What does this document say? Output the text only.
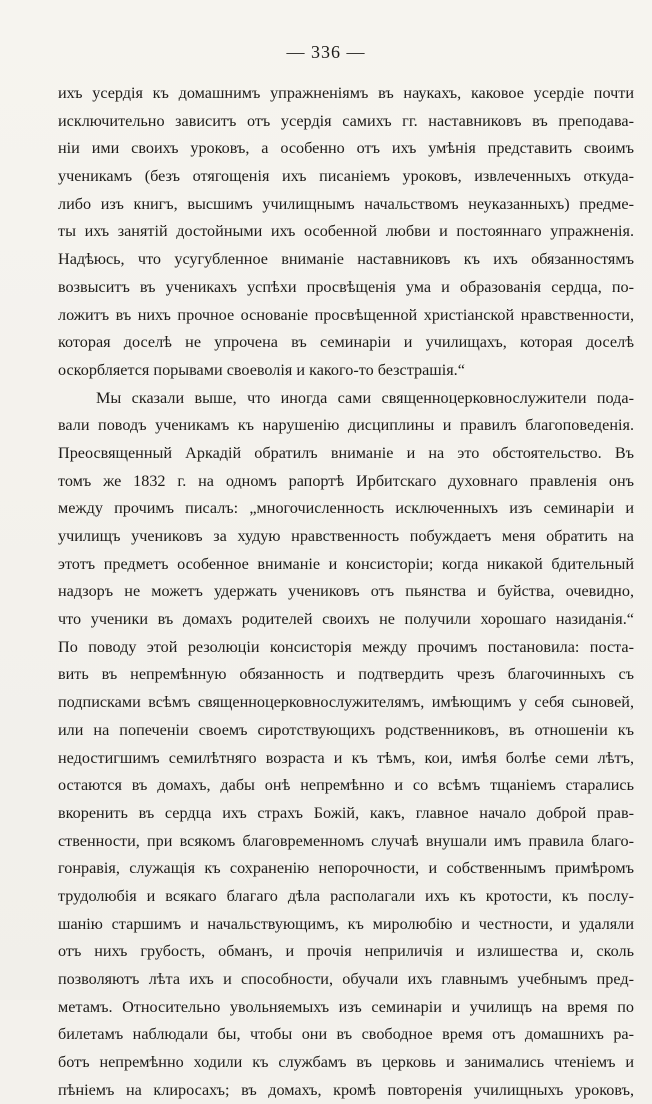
— 336 —
ихъ усердія къ домашнимъ упражненіямъ въ наукахъ, каковое усердіе почти
исключительно зависитъ отъ усердія самихъ гг. наставниковъ въ преподава-
ніи ими своихъ уроковъ, а особенно отъ ихъ умѣнія представить своимъ
ученикамъ (безъ отягощенія ихъ писаніемъ уроковъ, извлеченныхъ откуда-
либо изъ книгъ, высшимъ училищнымъ начальствомъ неуказанныхъ) предме-
ты ихъ занятій достойными ихъ особенной любви и постояннаго упражненія.
Надѣюсь, что усугубленное вниманіе наставниковъ къ ихъ обязанностямъ
возвыситъ въ ученикахъ успѣхи просвѣщенія ума и образованія сердца, по-
ложитъ въ нихъ прочное основаніе просвѣщенной христіанской нравственности,
которая доселѣ не упрочена въ семинаріи и училищахъ, которая доселѣ
оскорбляется порывами своеволія и какого-то безстрашія.“
Мы сказали выше, что иногда сами священноцерковнослужители пода-
вали поводъ ученикамъ къ нарушенію дисциплины и правилъ благоповеденія.
Преосвященный Аркадій обратилъ вниманіе и на это обстоятельство. Въ
томъ же 1832 г. на одномъ рапортѣ Ирбитскаго духовнаго правленія онъ
между прочимъ писалъ: „многочисленность исключенныхъ изъ семинаріи и
училищъ учениковъ за худую нравственность побуждаетъ меня обратить на
этотъ предметъ особенное вниманіе и консисторіи; когда никакой бдительный
надзоръ не можетъ удержать учениковъ отъ пьянства и буйства, очевидно,
что ученики въ домахъ родителей своихъ не получили хорошаго назиданія.“
По поводу этой резолюціи консисторія между прочимъ постановила: поста-
вить въ непремѣнную обязанность и подтвердить чрезъ благочинныхъ съ
подписками всѣмъ священноцерковнослужителямъ, имѣющимъ у себя сыновей,
или на попеченіи своемъ сиротствующихъ родственниковъ, въ отношеніи къ
недостигшимъ семилѣтняго возраста и къ тѣмъ, кои, имѣя болѣе семи лѣтъ,
остаются въ домахъ, дабы онѣ непремѣнно и со всѣмъ тщаніемъ старались
вкоренить въ сердца ихъ страхъ Божій, какъ, главное начало доброй прав-
ственности, при всякомъ благовременномъ случаѣ внушали имъ правила благо-
гонравія, служащія къ сохраненію непорочности, и собственнымъ примѣромъ
трудолюбія и всякаго благаго дѣла располагали ихъ къ кротости, къ послу-
шанію старшимъ и начальствующимъ, къ миролюбію и честности, и удаляли
отъ нихъ грубость, обманъ, и прочія неприличія и излишества и, сколь
позволяютъ лѣта ихъ и способности, обучали ихъ главнымъ учебнымъ пред-
метамъ. Относительно увольняемыхъ изъ семинаріи и училищъ на время по
билетамъ наблюдали бы, чтобы они въ свободное время отъ домашнихъ ра-
ботъ непремѣнно ходили къ службамъ въ церковь и занимались чтеніемъ и
пѣніемъ на клиросахъ; въ домахъ, кромѣ повторенія училищныхъ уроковъ,
